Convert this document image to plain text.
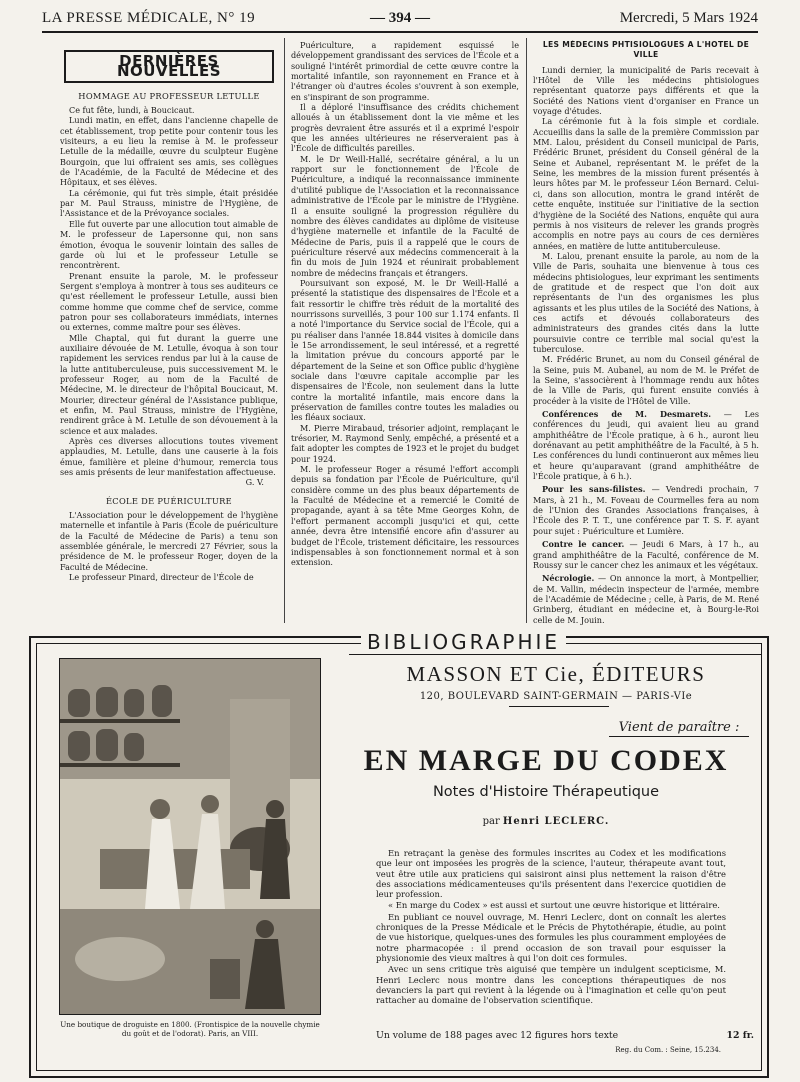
LA PRESSE MÉDICALE, N° 19	— 394 —	Mercredi, 5 Mars 1924
DERNIÈRES NOUVELLES

HOMMAGE AU PROFESSEUR LETULLE

Ce fut fête, lundi, à Boucicaut.

Lundi matin, en effet, dans l'ancienne chapelle de cet établissement, trop petite pour contenir tous les visiteurs, a eu lieu la remise à M. le professeur Letulle de la médaille, œuvre du sculpteur Eugène Bourgoin, que lui offraient ses amis, ses collègues de l'Académie, de la Faculté de Médecine et des Hôpitaux, et ses élèves.

La cérémonie, qui fut très simple, était présidée par M. Paul Strauss, ministre de l'Hygiène, de l'Assistance et de la Prévoyance sociales.

Elle fut ouverte par une allocution tout aimable de M. le professeur de Lapersonne qui, non sans émotion, évoqua le souvenir lointain des salles de garde où lui et le professeur Letulle se rencontrèrent.

Prenant ensuite la parole, M. le professeur Sergent s'employa à montrer à tous ses auditeurs ce qu'est réellement le professeur Letulle, aussi bien comme homme que comme chef de service, comme patron pour ses collaborateurs immédiats, internes ou externes, comme maître pour ses élèves.

Mlle Chaptal, qui fut durant la guerre une auxiliaire dévouée de M. Letulle, évoqua à son tour rapidement les services rendus par lui à la cause de la lutte antituberculeuse, puis successivement M. le professeur Roger, au nom de la Faculté de Médecine, M. le directeur de l'hôpital Boucicaut, M. Mourier, directeur général de l'Assistance publique, et enfin, M. Paul Strauss, ministre de l'Hygiène, rendirent grâce à M. Letulle de son dévouement à la science et aux malades.

Après ces diverses allocutions toutes vivement applaudies, M. Letulle, dans une causerie à la fois émue, familière et pleine d'humour, remercia tous ses amis présents de leur manifestation affectueuse.

G. V.

ÉCOLE DE PUÉRICULTURE

L'Association pour le développement de l'hygiène maternelle et infantile à Paris (École de puériculture de la Faculté de Médecine de Paris) a tenu son assemblée générale, le mercredi 27 Février, sous la présidence de M. le professeur Roger, doyen de la Faculté de Médecine.

Le professeur Pinard, directeur de l'École de

Puériculture, a rapidement esquissé le développement grandissant des services de l'École et a souligné l'intérêt primordial de cette œuvre contre la mortalité infantile, son rayonnement en France et à l'étranger où d'autres écoles s'ouvrent à son exemple, en s'inspirant de son programme.

Il a déploré l'insuffisance des crédits chichement alloués à un établissement dont la vie même et les progrès devraient être assurés et il a exprimé l'espoir que les années ultérieures ne réserveraient pas à l'École de difficultés pareilles.

M. le Dr Weill-Hallé, secrétaire général, a lu un rapport sur le fonctionnement de l'École de Puériculture, a indiqué la reconnaissance imminente d'utilité publique de l'Association et la reconnaissance administrative de l'École par le ministre de l'Hygiène. Il a ensuite souligné la progression régulière du nombre des élèves candidates au diplôme de visiteuse d'hygiène maternelle et infantile de la Faculté de Médecine de Paris, puis il a rappelé que le cours de puériculture réservé aux médecins commencerait à la fin du mois de Juin 1924 et réunirait probablement nombre de médecins français et étrangers.

Poursuivant son exposé, M. le Dr Weill-Hallé a présenté la statistique des dispensaires de l'École et a fait ressortir le chiffre très réduit de la mortalité des nourrissons surveillés, 3 pour 100 sur 1.174 enfants. Il a noté l'importance du Service social de l'École, qui a pu réaliser dans l'année 18.844 visites à domicile dans le 15e arrondissement, le seul intéressé, et a regretté la limitation prévue du concours apporté par le département de la Seine et son Office public d'hygiène sociale dans l'œuvre capitale accomplie par les dispensaires de l'École, non seulement dans la lutte contre la mortalité infantile, mais encore dans la préservation de familles contre toutes les maladies ou les fléaux sociaux.

M. Pierre Mirabaud, trésorier adjoint, remplaçant le trésorier, M. Raymond Senly, empêché, a présenté et a fait adopter les comptes de 1923 et le projet du budget pour 1924.

M. le professeur Roger a résumé l'effort accompli depuis sa fondation par l'École de Puériculture, qu'il considère comme un des plus beaux départements de la Faculté de Médecine et a remercié le Comité de propagande, ayant à sa tête Mme Georges Kohn, de l'effort permanent accompli jusqu'ici et qui, cette année, devra être intensifié encore afin d'assurer au budget de l'École, tristement déficitaire, les ressources indispensables à son fonctionnement normal et à son extension.

LES MÉDECINS PHTISIOLOGUES A L'HOTEL DE VILLE

Lundi dernier, la municipalité de Paris recevait à l'Hôtel de Ville les médecins phtisiologues représentant quatorze pays différents et que la Société des Nations vient d'organiser en France un voyage d'études.

La cérémonie fut à la fois simple et cordiale. Accueillis dans la salle de la première Commission par MM. Lalou, président du Conseil municipal de Paris, Frédéric Brunet, président du Conseil général de la Seine et Aubanel, représentant M. le préfet de la Seine, les membres de la mission furent présentés à leurs hôtes par M. le professeur Léon Bernard. Celui-ci, dans son allocution, montra le grand intérêt de cette enquête, instituée sur l'initiative de la section d'hygiène de la Société des Nations, enquête qui aura permis à nos visiteurs de relever les grands progrès accomplis en notre pays au cours de ces dernières années, en matière de lutte antituberculeuse.

M. Lalou, prenant ensuite la parole, au nom de la Ville de Paris, souhaita une bienvenue à tous ces médecins phtisiologues, leur exprimant les sentiments de gratitude et de respect que l'on doit aux représentants de l'un des organismes les plus agissants et les plus utiles de la Société des Nations, à ces actifs et dévoués collaborateurs des administrateurs des grandes cités dans la lutte poursuivie contre ce terrible mal social qu'est la tuberculose.

M. Frédéric Brunet, au nom du Conseil général de la Seine, puis M. Aubanel, au nom de M. le Préfet de la Seine, s'associèrent à l'hommage rendu aux hôtes de la Ville de Paris, qui furent ensuite conviés à procéder à la visite de l'Hôtel de Ville.

Conférences de M. Desmarets. — Les conférences du jeudi, qui avaient lieu au grand amphithéâtre de l'École pratique, à 6 h., auront lieu dorénavant au petit amphithéâtre de la Faculté, à 5 h. Les conférences du lundi continueront aux mêmes lieu et heure qu'auparavant (grand amphithéâtre de l'École pratique, à 6 h.).

Pour les sans-filistes. — Vendredi prochain, 7 Mars, à 21 h., M. Foveau de Courmelles fera au nom de l'Union des Grandes Associations françaises, à l'École des P. T. T., une conférence par T. S. F. ayant pour sujet : Puériculture et Lumière.

Contre le cancer. — Jeudi 6 Mars, à 17 h., au grand amphithéâtre de la Faculté, conférence de M. Roussy sur le cancer chez les animaux et les végétaux.

Nécrologie. — On annonce la mort, à Montpellier, de M. Vallin, médecin inspecteur de l'armée, membre de l'Académie de Médecine ; celle, à Paris, de M. René Grinberg, étudiant en médecine et, à Bourg-le-Roi celle de M. Jouin.

BIBLIOGRAPHIE
Une boutique de droguiste en 1800. (Frontispice de la nouvelle chymie du goût et de l'odorat). Paris, an VIII.
MASSON ET Cie, ÉDITEURS
120, BOULEVARD SAINT-GERMAIN — PARIS-VIe
Vient de paraître :
EN MARGE DU CODEX
Notes d'Histoire Thérapeutique
par Henri LECLERC.

En retraçant la genèse des formules inscrites au Codex et les modifications que leur ont imposées les progrès de la science, l'auteur, thérapeute avant tout, veut être utile aux praticiens qui saisiront ainsi plus nettement la raison d'être des associations médicamenteuses qu'ils présentent dans l'exercice quotidien de leur profession.

« En marge du Codex » est aussi et surtout une œuvre historique et littéraire.

En publiant ce nouvel ouvrage, M. Henri Leclerc, dont on connaît les alertes chroniques de la Presse Médicale et le Précis de Phytothérapie, étudie, au point de vue historique, quelques-unes des formules les plus couramment employées de notre pharmacopée : il prend occasion de son travail pour esquisser la physionomie des vieux maîtres à qui l'on doit ces formules.

Avec un sens critique très aiguisé que tempère un indulgent scepticisme, M. Henri Leclerc nous montre dans les conceptions thérapeutiques de nos devanciers la part qui revient à la légende ou à l'imagination et celle qu'on peut rattacher au domaine de l'observation scientifique.

Un volume de 188 pages avec 12 figures hors texte	12 fr.
Reg. du Com. : Seine, 15.234.
